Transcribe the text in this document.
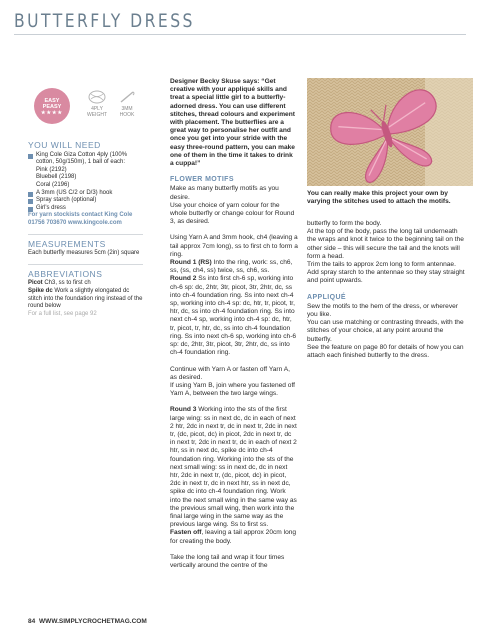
BUTTERFLY DRESS
EASY
PEASY
★★★★
4PLY
WEIGHT
3MM
HOOK
YOU WILL NEED
King Cole Giza Cotton 4ply (100% cotton, 50g/150m), 1 ball of each:
Pink (2192)
Bluebell (2198)
Coral (2196)
A 3mm (US C/2 or D/3) hook
Spray starch (optional)
Girl's dress
For yarn stockists contact King Cole 01756 703670 www.kingcole.com
MEASUREMENTS
Each butterfly measures 5cm (2in) square
ABBREVIATIONS
Picot Ch3, ss to first ch
Spike dc Work a slightly elongated dc stitch into the foundation ring instead of the round below
For a full list, see page 92

Designer Becky Skuse says: “Get creative with your appliqué skills and treat a special little girl to a butterfly-adorned dress. You can use different stitches, thread colours and experiment with placement. The butterflies are a great way to personalise her outfit and once you get into your stride with the easy three-round pattern, you can make one of them in the time it takes to drink a cuppa!”

FLOWER MOTIFS

Make as many butterfly motifs as you desire.

Use your choice of yarn colour for the whole butterfly or change colour for Round 3, as desired.

Using Yarn A and 3mm hook, ch4 (leaving a tail approx 7cm long), ss to first ch to form a ring.

Round 1 (RS) Into the ring, work: ss, ch6, ss, (ss, ch4, ss) twice, ss, ch6, ss.

Round 2 Ss into first ch-6 sp, working into ch-6 sp: dc, 2htr, 3tr, picot, 3tr, 2htr, dc, ss into ch-4 foundation ring. Ss into next ch-4 sp, working into ch-4 sp: dc, htr, tr, picot, tr, htr, dc, ss into ch-4 foundation ring. Ss into next ch-4 sp, working into ch-4 sp: dc, htr, tr, picot, tr, htr, dc, ss into ch-4 foundation ring. Ss into next ch-6 sp, working into ch-6 sp: dc, 2htr, 3tr, picot, 3tr, 2htr, dc, ss into ch-4 foundation ring.

Continue with Yarn A or fasten off Yarn A, as desired.

If using Yarn B, join where you fastened off Yarn A, between the two large wings.

Round 3 Working into the sts of the first large wing: ss in next dc, dc in each of next 2 htr, 2dc in next tr, dc in next tr, 2dc in next tr, (dc, picot, dc) in picot, 2dc in next tr, dc in next tr, 2dc in next tr, dc in each of next 2 htr, ss in next dc, spike dc into ch-4 foundation ring. Working into the sts of the next small wing: ss in next dc, dc in next htr, 2dc in next tr, (dc, picot, dc) in picot, 2dc in next tr, dc in next htr, ss in next dc, spike dc into ch-4 foundation ring. Work into the next small wing in the same way as the previous small wing, then work into the final large wing in the same way as the previous large wing. Ss to first ss.

Fasten off, leaving a tail approx 20cm long for creating the body.

Take the long tail and wrap it four times vertically around the centre of the

You can really make this project your own by varying the stitches used to attach the motifs.

butterfly to form the body.

At the top of the body, pass the long tail underneath the wraps and knot it twice to the beginning tail on the other side – this will secure the tail and the knots will form a head.

Trim the tails to approx 2cm long to form antennae. Add spray starch to the antennae so they stay straight and point upwards.

APPLIQUÉ

Sew the motifs to the hem of the dress, or wherever you like.

You can use matching or contrasting threads, with the stitches of your choice, at any point around the butterfly.

See the feature on page 80 for details of how you can attach each finished butterfly to the dress.

84 WWW.SIMPLYCROCHETMAG.COM
